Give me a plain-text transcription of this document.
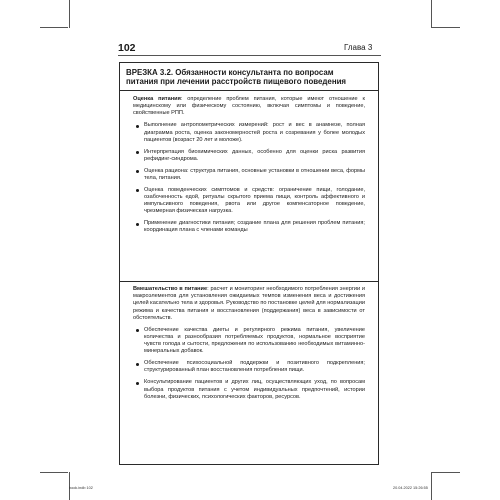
102	Глава 3
ВРЕЗКА 3.2. Обязанности консультанта по вопросам
питания при лечении расстройств пищевого поведения
Оценка питания: определение проблем питания, которые имеют отношение к медицинскому или физическому состоянию, включая симптомы и поведение, свойственные РПП.
Выполнение антропометрических измерений: рост и вес в анамнезе, полная диаграмма роста, оценка закономерностей роста и созревания у более молодых пациентов (возраст 20 лет и моложе).
Интерпретация биохимических данных, особенно для оценки риска развития рефидинг-синдрома.
Оценка рациона: структура питания, основные установки в отношении веса, формы тела, питания.
Оценка поведенческих симптомов и средств: ограничение пищи, голодание, озабоченность едой, ритуалы скрытого приема пищи, контроль аффективного и импульсивного поведения, рвота или другое компенсаторное поведение, чрезмерная физическая нагрузка.
Применение диагностики питания; создание плана для решения проблем питания; координация плана с членами команды
Вмешательство в питание: расчет и мониторинг необходимого потребления энергии и макроэлементов для установления ожидаемых темпов изменения веса и достижения целей касательно тела и здоровья. Руководство по постановке целей для нормализации режима и качества питания и восстановления (поддержания) веса в зависимости от обстоятельств.
Обеспечение качества диеты и регулярного режима питания, увеличение количества и разнообразия потребляемых продуктов, нормальное восприятие чувств голода и сытости, предложения по использованию необходимых витаминно-минеральных добавок.
Обеспечение психосоциальной поддержки и позитивного подкрепления; структурированный план восстановления потребления пищи.
Консультирование пациентов и других лиц, осуществляющих уход, по вопросам выбора продуктов питания с учетом индивидуальных предпочтений, истории болезни, физических, психологических факторов, ресурсов.
book.indb 102	20.04.2022 15:26:55
